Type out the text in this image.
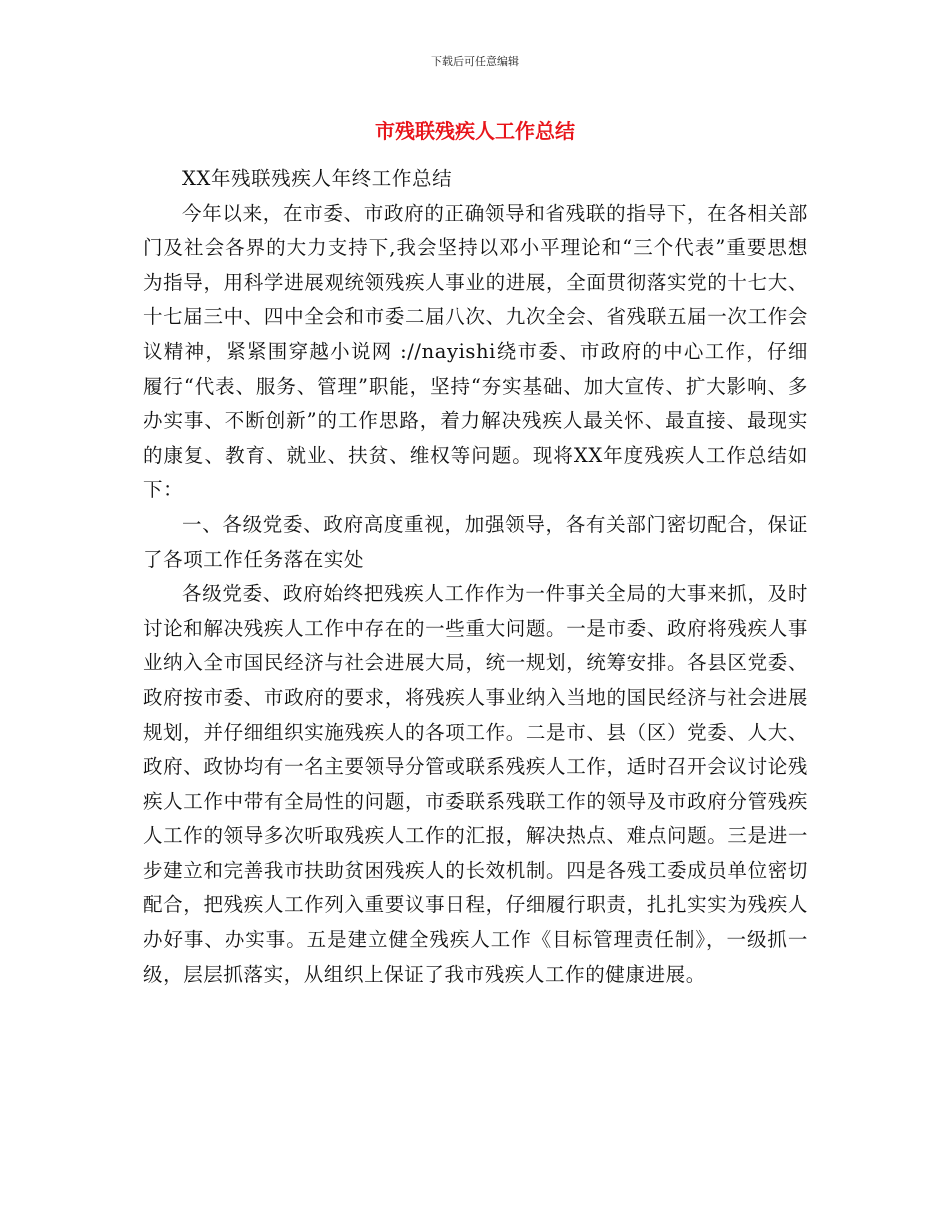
下载后可任意编辑
市残联残疾人工作总结

XX年残联残疾人年终工作总结

今年以来，在市委、市政府的正确领导和省残联的指导下，在各相关部门及社会各界的大力支持下,我会坚持以邓小平理论和“三个代表”重要思想为指导，用科学进展观统领残疾人事业的进展，全面贯彻落实党的十七大、十七届三中、四中全会和市委二届八次、九次全会、省残联五届一次工作会议精神，紧紧围穿越小说网 ://nayishi绕市委、市政府的中心工作，仔细履行“代表、服务、管理”职能，坚持“夯实基础、加大宣传、扩大影响、多办实事、不断创新”的工作思路，着力解决残疾人最关怀、最直接、最现实的康复、教育、就业、扶贫、维权等问题。现将XX年度残疾人工作总结如下：

一、各级党委、政府高度重视，加强领导，各有关部门密切配合，保证了各项工作任务落在实处

各级党委、政府始终把残疾人工作作为一件事关全局的大事来抓，及时讨论和解决残疾人工作中存在的一些重大问题。一是市委、政府将残疾人事业纳入全市国民经济与社会进展大局，统一规划，统筹安排。各县区党委、政府按市委、市政府的要求，将残疾人事业纳入当地的国民经济与社会进展规划，并仔细组织实施残疾人的各项工作。二是市、县（区）党委、人大、政府、政协均有一名主要领导分管或联系残疾人工作，适时召开会议讨论残疾人工作中带有全局性的问题，市委联系残联工作的领导及市政府分管残疾人工作的领导多次听取残疾人工作的汇报，解决热点、难点问题。三是进一步建立和完善我市扶助贫困残疾人的长效机制。四是各残工委成员单位密切配合，把残疾人工作列入重要议事日程，仔细履行职责，扎扎实实为残疾人办好事、办实事。五是建立健全残疾人工作《目标管理责任制》，一级抓一级，层层抓落实，从组织上保证了我市残疾人工作的健康进展。
